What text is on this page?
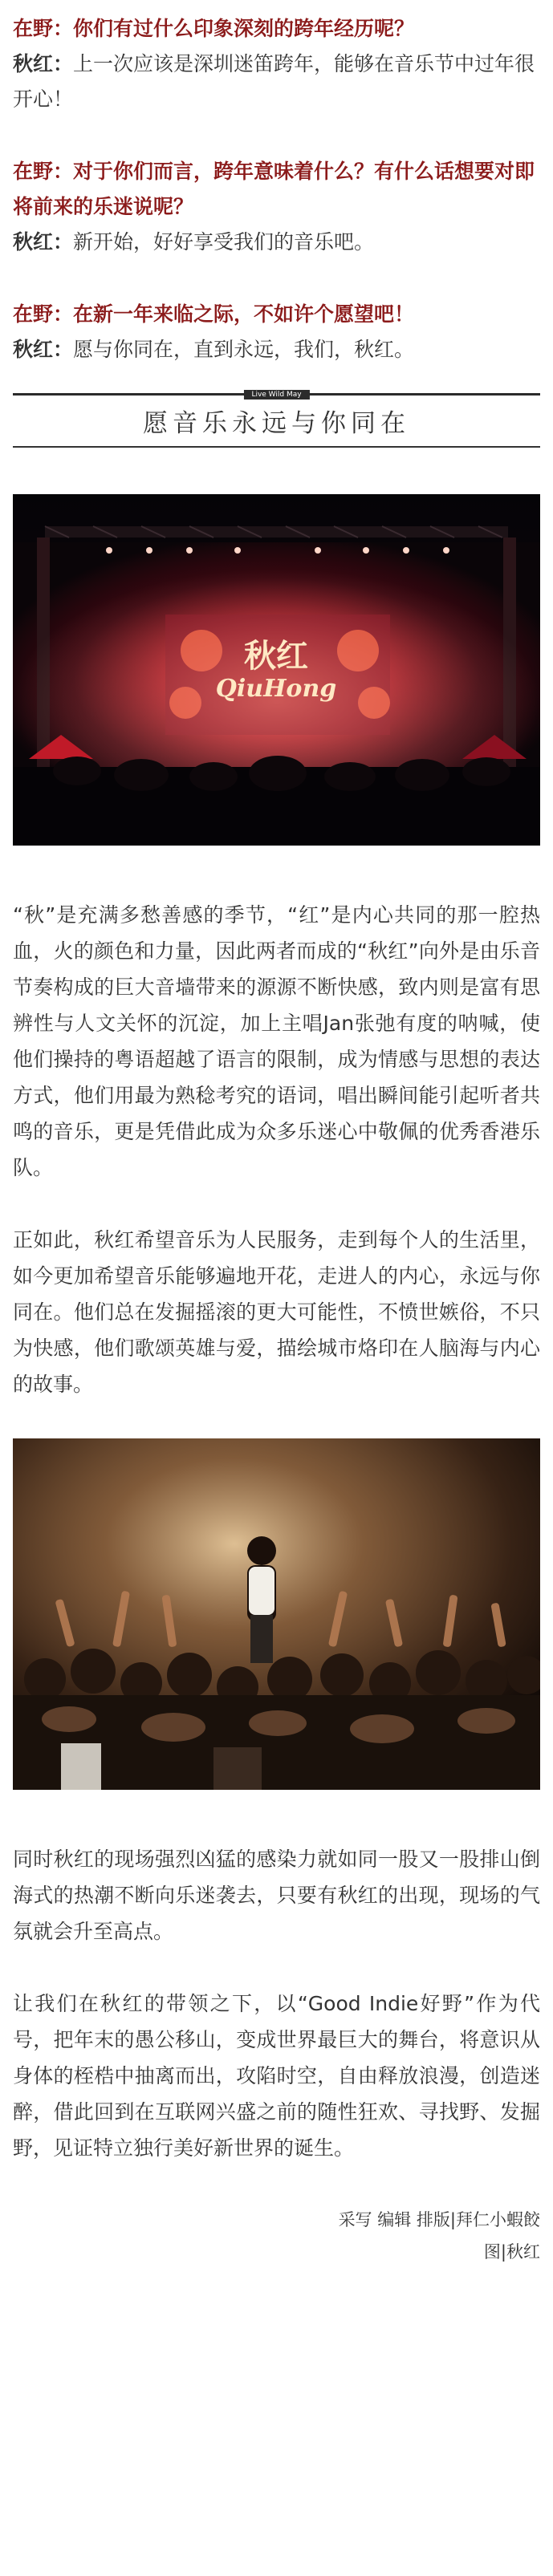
在野：你们有过什么印象深刻的跨年经历呢？

秋红：上一次应该是深圳迷笛跨年，能够在音乐节中过年很开心！

在野：对于你们而言，跨年意味着什么？有什么话想要对即将前来的乐迷说呢？

秋红：新开始，好好享受我们的音乐吧。

在野：在新一年来临之际，不如许个愿望吧！

秋红：愿与你同在，直到永远，我们，秋红。

Live Wild May
愿音乐永远与你同在
秋红
QiuHong

“秋”是充满多愁善感的季节，“红”是内心共同的那一腔热血，火的颜色和力量，因此两者而成的“秋红”向外是由乐音节奏构成的巨大音墙带来的源源不断快感，致内则是富有思辨性与人文关怀的沉淀，加上主唱Jan张弛有度的呐喊，使他们操持的粤语超越了语言的限制，成为情感与思想的表达方式，他们用最为熟稔考究的语词，唱出瞬间能引起听者共鸣的音乐，更是凭借此成为众多乐迷心中敬佩的优秀香港乐队。

正如此，秋红希望音乐为人民服务，走到每个人的生活里，如今更加希望音乐能够遍地开花，走进人的内心，永远与你同在。他们总在发掘摇滚的更大可能性，不愤世嫉俗，不只为快感，他们歌颂英雄与爱，描绘城市烙印在人脑海与内心的故事。

同时秋红的现场强烈凶猛的感染力就如同一股又一股排山倒海式的热潮不断向乐迷袭去，只要有秋红的出现，现场的气氛就会升至高点。

让我们在秋红的带领之下，以“Good Indie好野”作为代号，把年末的愚公移山，变成世界最巨大的舞台，将意识从身体的桎梏中抽离而出，攻陷时空，自由释放浪漫，创造迷醉，借此回到在互联网兴盛之前的随性狂欢、寻找野、发掘野，见证特立独行美好新世界的诞生。

采写 编辑 排版|拜仁小蝦餃
图|秋红
